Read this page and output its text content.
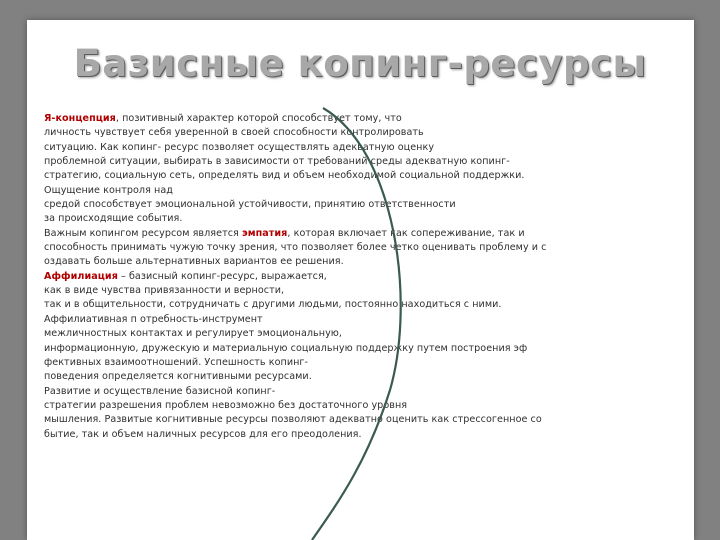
Базисные копинг-ресурсы
Я-концепция, позитивный характер которой способствует тому, что
личность чувствует себя уверенной в своей способности контролировать
ситуацию. Как копинг- ресурс позволяет осуществлять адекватную оценку
проблемной ситуации, выбирать в зависимости от требований среды адекватную копинг-
стратегию, социальную сеть, определять вид и объем необходимой социальной поддержки.
Ощущение контроля над
средой способствует эмоциональной устойчивости, принятию ответственности
за происходящие события.
Важным копингом ресурсом является эмпатия, которая включает как сопереживание, так и
способность принимать чужую точку зрения, что позволяет более четко оценивать проблему и с
оздавать больше альтернативных вариантов ее решения.
Аффилиация – базисный копинг-ресурс, выражается,
как в виде чувства привязанности и верности,
так и в общительности, сотрудничать с другими людьми, постоянно находиться с ними.
Аффилиативная п отребность-инструмент
межличностных контактах и регулирует эмоциональную,
информационную, дружескую и материальную социальную поддержку путем построения эф
фективных взаимоотношений. Успешность копинг-
поведения определяется когнитивными ресурсами.
Развитие и осуществление базисной копинг-
стратегии разрешения проблем невозможно без достаточного уровня
мышления. Развитые когнитивные ресурсы позволяют адекватно оценить как стрессогенное со
бытие, так и объем наличных ресурсов для его преодоления.
